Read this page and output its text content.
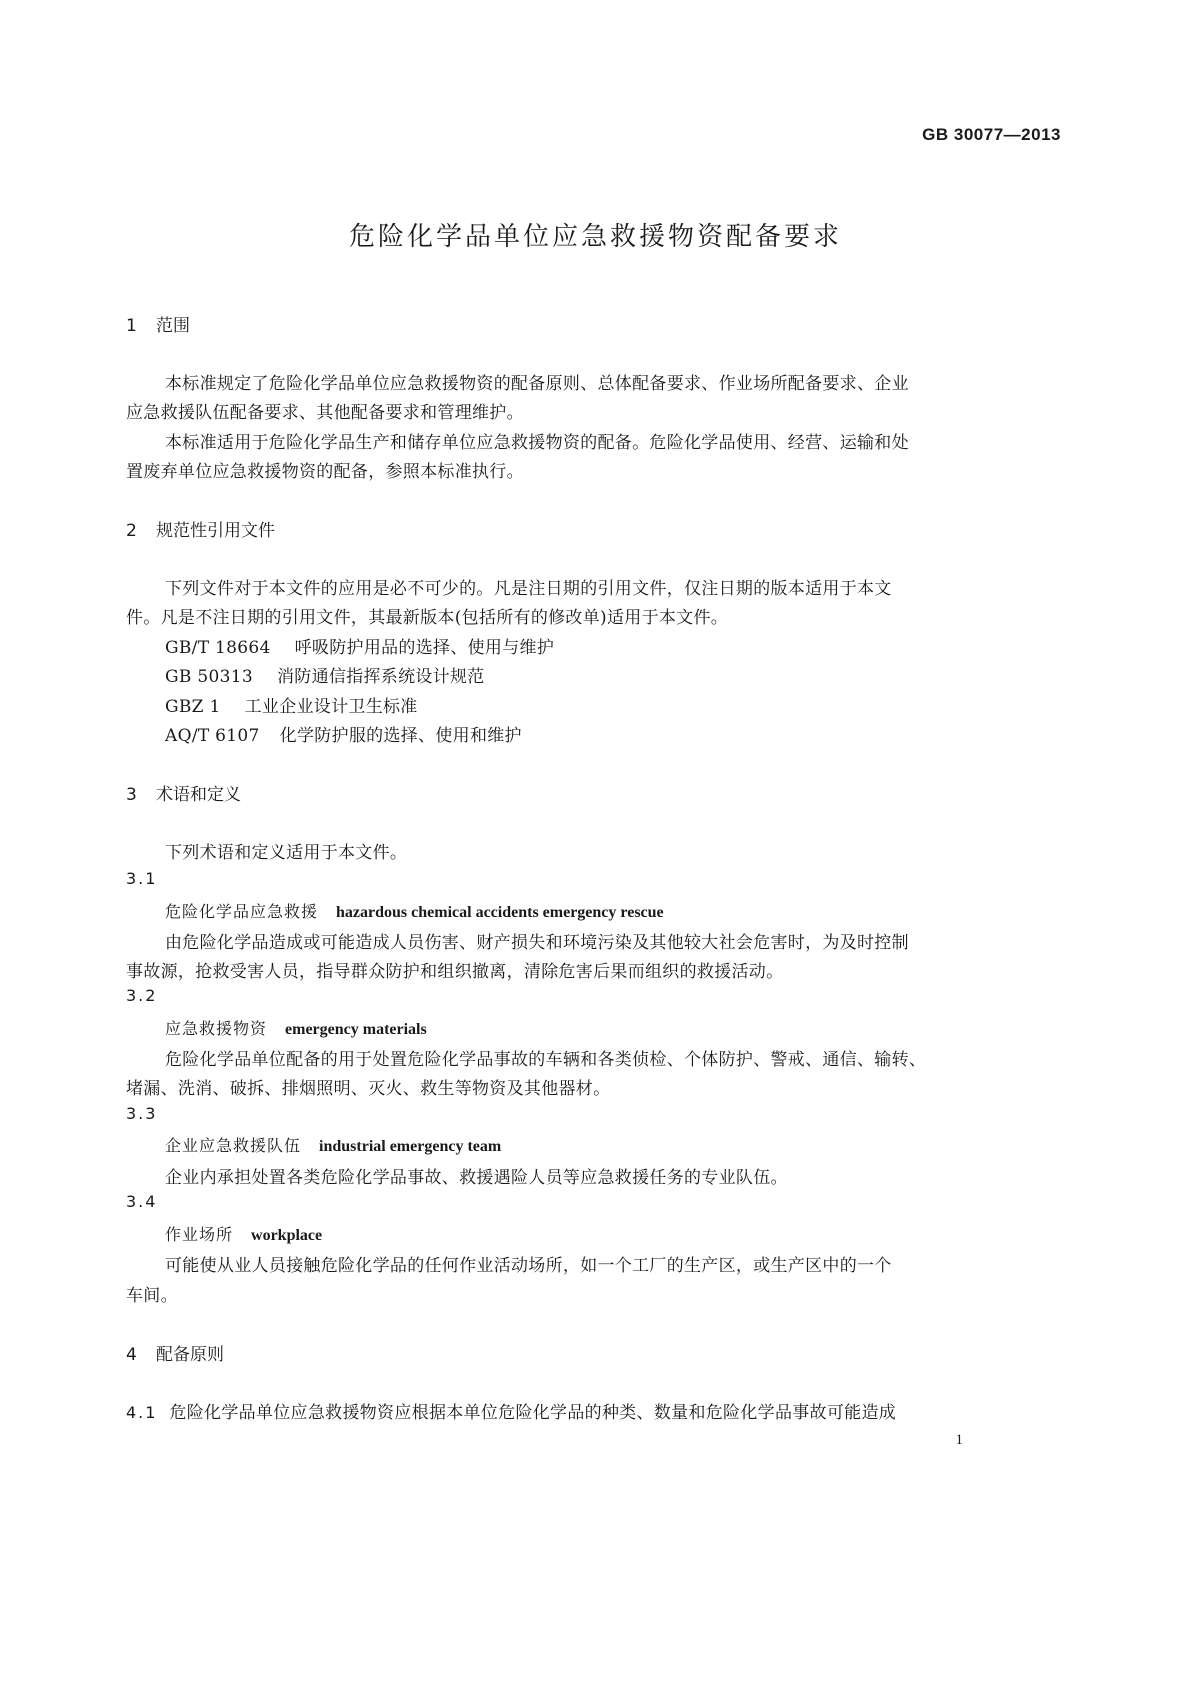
GB 30077—2013
危险化学品单位应急救援物资配备要求
1 范围
本标准规定了危险化学品单位应急救援物资的配备原则、总体配备要求、作业场所配备要求、企业
应急救援队伍配备要求、其他配备要求和管理维护。
本标准适用于危险化学品生产和储存单位应急救援物资的配备。危险化学品使用、经营、运输和处
置废弃单位应急救援物资的配备，参照本标准执行。
2 规范性引用文件
下列文件对于本文件的应用是必不可少的。凡是注日期的引用文件，仅注日期的版本适用于本文
件。凡是不注日期的引用文件，其最新版本(包括所有的修改单)适用于本文件。
GB/T 18664 呼吸防护用品的选择、使用与维护
GB 50313 消防通信指挥系统设计规范
GBZ 1 工业企业设计卫生标准
AQ/T 6107 化学防护服的选择、使用和维护
3 术语和定义
下列术语和定义适用于本文件。
3.1
危险化学品应急救援 hazardous chemical accidents emergency rescue
由危险化学品造成或可能造成人员伤害、财产损失和环境污染及其他较大社会危害时，为及时控制
事故源，抢救受害人员，指导群众防护和组织撤离，清除危害后果而组织的救援活动。
3.2
应急救援物资 emergency materials
危险化学品单位配备的用于处置危险化学品事故的车辆和各类侦检、个体防护、警戒、通信、输转、
堵漏、洗消、破拆、排烟照明、灭火、救生等物资及其他器材。
3.3
企业应急救援队伍 industrial emergency team
企业内承担处置各类危险化学品事故、救援遇险人员等应急救援任务的专业队伍。
3.4
作业场所 workplace
可能使从业人员接触危险化学品的任何作业活动场所，如一个工厂的生产区，或生产区中的一个
车间。
4 配备原则
4.1 危险化学品单位应急救援物资应根据本单位危险化学品的种类、数量和危险化学品事故可能造成
1
